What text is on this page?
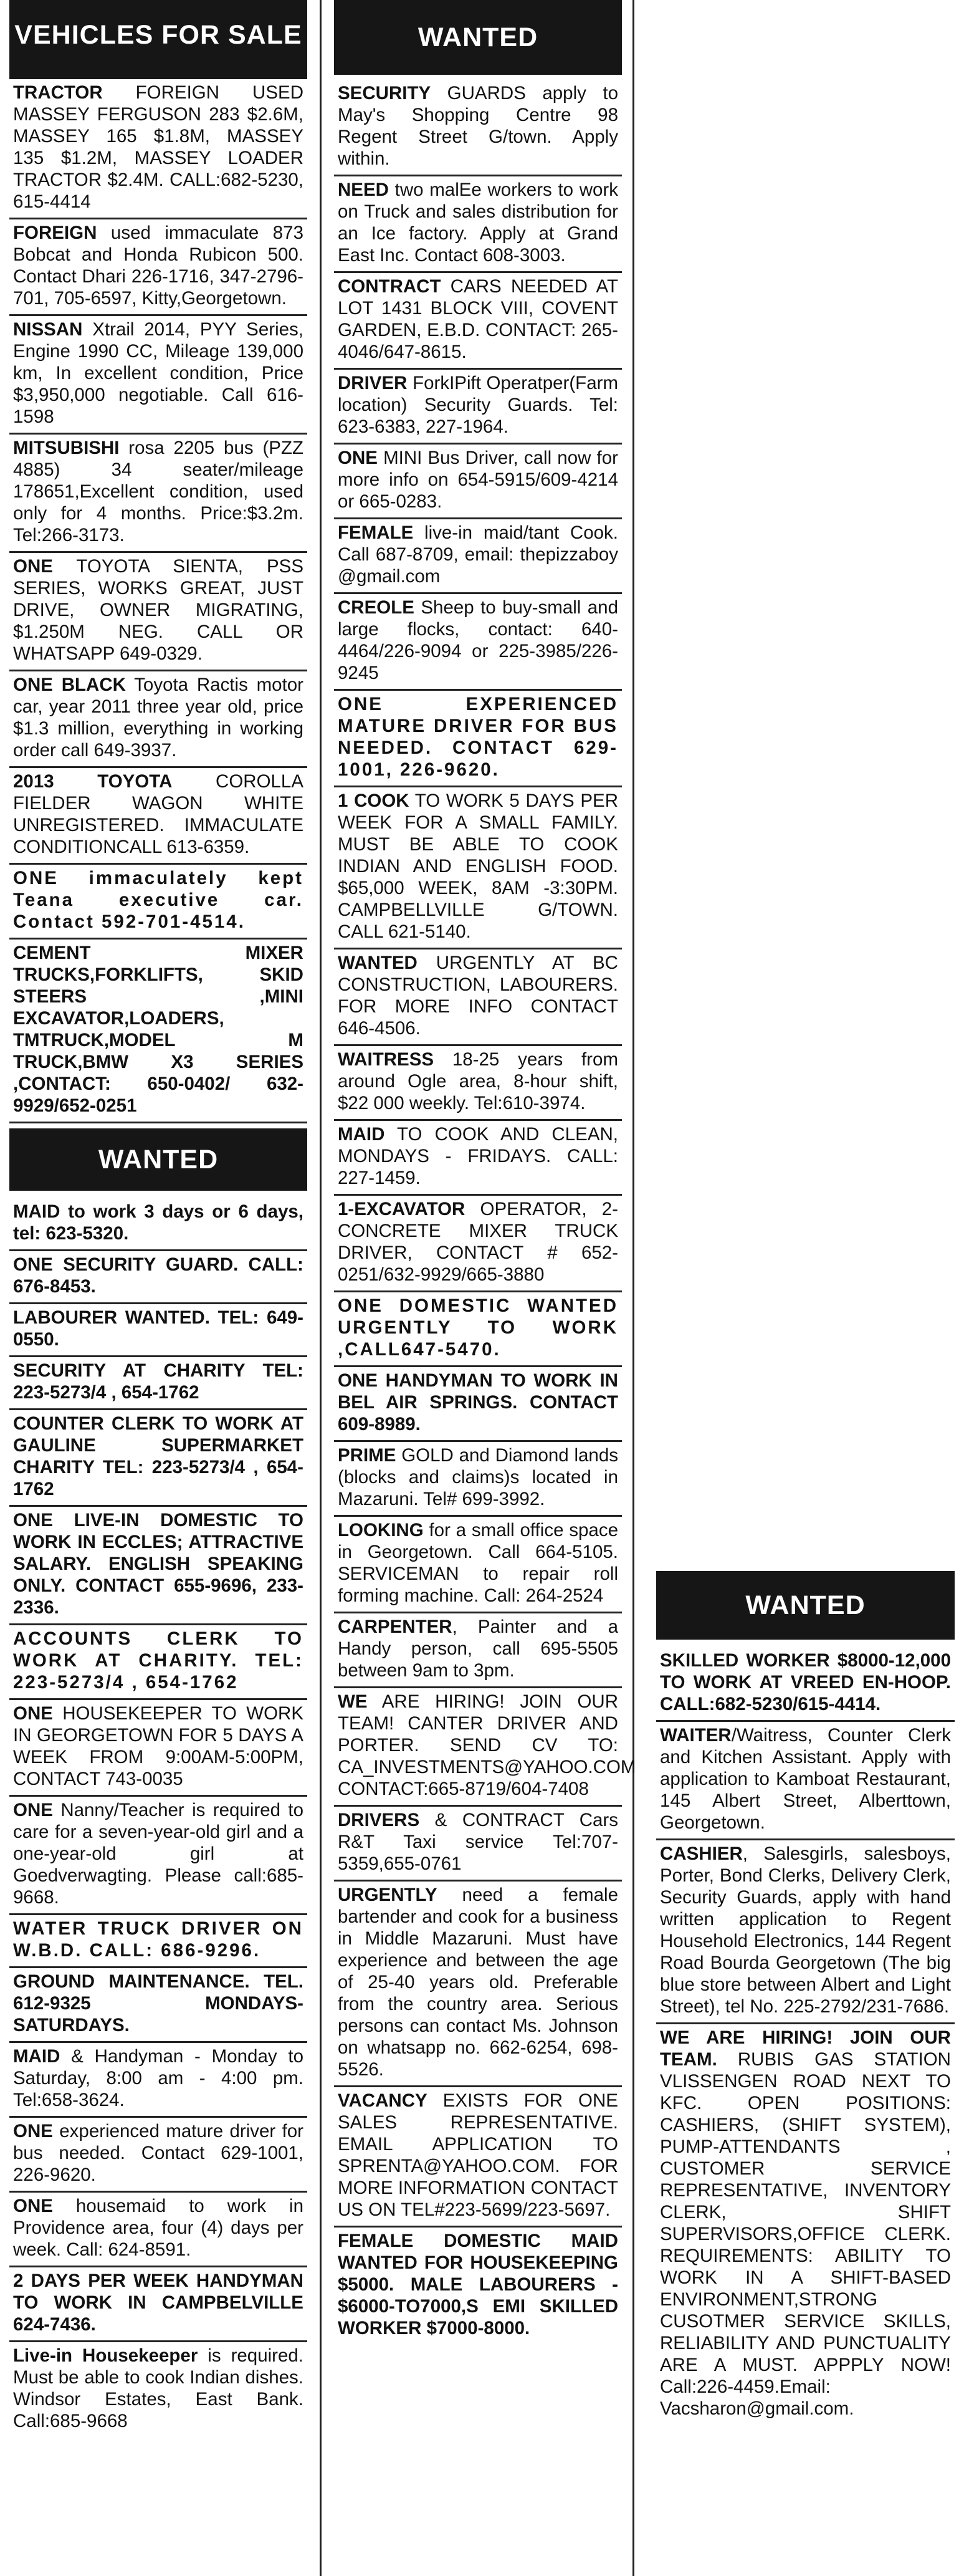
VEHICLES FOR SALE
TRACTOR FOREIGN USED MASSEY FERGUSON 283 $2.6M, MASSEY 165 $1.8M, MASSEY 135 $1.2M, MASSEY LOADER TRACTOR $2.4M. CALL:682-5230, 615-4414
FOREIGN used immaculate 873 Bobcat and Honda Rubicon 500. Contact Dhari 226-1716, 347-2796-701, 705-6597, Kitty,Georgetown.
NISSAN Xtrail 2014, PYY Series, Engine 1990 CC, Mileage 139,000 km, In excellent condition, Price $3,950,000 negotiable. Call 616-1598
MITSUBISHI rosa 2205 bus (PZZ 4885) 34 seater/mileage 178651,Excellent condition, used only for 4 months. Price:$3.2m. Tel:266-3173.
ONE TOYOTA SIENTA, PSS SERIES, WORKS GREAT, JUST DRIVE, OWNER MIGRATING, $1.250M NEG. CALL OR WHATSAPP 649-0329.
ONE BLACK Toyota Ractis motor car, year 2011 three year old, price $1.3 million, everything in working order call 649-3937.
2013 TOYOTA COROLLA FIELDER WAGON WHITE UNREGISTERED. IMMACULATE CONDITIONCALL 613-6359.
ONE immaculately kept Teana executive car. Contact 592-701-4514.
CEMENT MIXER TRUCKS,FORKLIFTS, SKID STEERS ,MINI EXCAVATOR,LOADERS, TMTRUCK,MODEL M TRUCK,BMW X3 SERIES ,CONTACT: 650-0402/ 632-9929/652-0251
WANTED
MAID to work 3 days or 6 days, tel: 623-5320.
ONE SECURITY GUARD. CALL: 676-8453.
LABOURER WANTED. TEL: 649-0550.
SECURITY AT CHARITY TEL: 223-5273/4 , 654-1762
COUNTER CLERK TO WORK AT GAULINE SUPERMARKET CHARITY TEL: 223-5273/4 , 654-1762
ONE LIVE-IN DOMESTIC TO WORK IN ECCLES; ATTRACTIVE SALARY. ENGLISH SPEAKING ONLY. CONTACT 655-9696, 233-2336.
ACCOUNTS CLERK TO WORK AT CHARITY. TEL: 223-5273/4 , 654-1762
ONE HOUSEKEEPER TO WORK IN GEORGETOWN FOR 5 DAYS A WEEK FROM 9:00AM-5:00PM, CONTACT 743-0035
ONE Nanny/Teacher is required to care for a seven-year-old girl and a one-year-old girl at Goedverwagting. Please call:685-9668.
WATER TRUCK DRIVER ON W.B.D. CALL: 686-9296.
GROUND MAINTENANCE. TEL. 612-9325 MONDAYS-SATURDAYS.
MAID & Handyman - Monday to Saturday, 8:00 am - 4:00 pm. Tel:658-3624.
ONE experienced mature driver for bus needed. Contact 629-1001, 226-9620.
ONE housemaid to work in Providence area, four (4) days per week. Call: 624-8591.
2 DAYS PER WEEK HANDYMAN TO WORK IN CAMPBELVILLE 624-7436.
Live-in Housekeeper is required. Must be able to cook Indian dishes. Windsor Estates, East Bank. Call:685-9668
WANTED
SECURITY GUARDS apply to May's Shopping Centre 98 Regent Street G/town. Apply within.
NEED two malEe workers to work on Truck and sales distribution for an Ice factory. Apply at Grand East Inc. Contact 608-3003.
CONTRACT CARS NEEDED AT LOT 1431 BLOCK VIII, COVENT GARDEN, E.B.D. CONTACT: 265-4046/647-8615.
DRIVER ForkIPift Operatper(Farm location) Security Guards. Tel: 623-6383, 227-1964.
ONE MINI Bus Driver, call now for more info on 654-5915/609-4214 or 665-0283.
FEMALE live-in maid/tant Cook. Call 687-8709, email: thepizzaboy @gmail.com
CREOLE Sheep to buy-small and large flocks, contact: 640-4464/226-9094 or 225-3985/226-9245
ONE EXPERIENCED MATURE DRIVER FOR BUS NEEDED. CONTACT 629-1001, 226-9620.
1 COOK TO WORK 5 DAYS PER WEEK FOR A SMALL FAMILY. MUST BE ABLE TO COOK INDIAN AND ENGLISH FOOD. $65,000 WEEK, 8AM -3:30PM. CAMPBELLVILLE G/TOWN. CALL 621-5140.
WANTED URGENTLY AT BC CONSTRUCTION, LABOURERS. FOR MORE INFO CONTACT 646-4506.
WAITRESS 18-25 years from around Ogle area, 8-hour shift, $22 000 weekly. Tel:610-3974.
MAID TO COOK AND CLEAN, MONDAYS - FRIDAYS. CALL: 227-1459.
1-EXCAVATOR OPERATOR, 2- CONCRETE MIXER TRUCK DRIVER, CONTACT # 652-0251/632-9929/665-3880
ONE DOMESTIC WANTED URGENTLY TO WORK ,CALL647-5470.
ONE HANDYMAN TO WORK IN BEL AIR SPRINGS. CONTACT 609-8989.
PRIME GOLD and Diamond lands (blocks and claims)s located in Mazaruni. Tel# 699-3992.
LOOKING for a small office space in Georgetown. Call 664-5105. SERVICEMAN to repair roll forming machine. Call: 264-2524
CARPENTER, Painter and a Handy person, call 695-5505 between 9am to 3pm.
WE ARE HIRING! JOIN OUR TEAM! CANTER DRIVER AND PORTER. SEND CV TO: CA_INVESTMENTS@YAHOO.COM CONTACT:665-8719/604-7408
DRIVERS & CONTRACT Cars R&T Taxi service Tel:707-5359,655-0761
URGENTLY need a female bartender and cook for a business in Middle Mazaruni. Must have experience and between the age of 25-40 years old. Preferable from the country area. Serious persons can contact Ms. Johnson on whatsapp no. 662-6254, 698-5526.
VACANCY EXISTS FOR ONE SALES REPRESENTATIVE. EMAIL APPLICATION TO SPRENTA@YAHOO.COM. FOR MORE INFORMATION CONTACT US ON TEL#223-5699/223-5697.
FEMALE DOMESTIC MAID WANTED FOR HOUSEKEEPING $5000. MALE LABOURERS - $6000-TO7000,S EMI SKILLED WORKER $7000-8000.
WANTED
SKILLED WORKER $8000-12,000 TO WORK AT VREED EN-HOOP. CALL:682-5230/615-4414.
WAITER/Waitress, Counter Clerk and Kitchen Assistant. Apply with application to Kamboat Restaurant, 145 Albert Street, Alberttown, Georgetown.
CASHIER, Salesgirls, salesboys, Porter, Bond Clerks, Delivery Clerk, Security Guards, apply with hand written application to Regent Household Electronics, 144 Regent Road Bourda Georgetown (The big blue store between Albert and Light Street), tel No. 225-2792/231-7686.
WE ARE HIRING! JOIN OUR TEAM. RUBIS GAS STATION VLISSENGEN ROAD NEXT TO KFC. OPEN POSITIONS: CASHIERS, (SHIFT SYSTEM), PUMP-ATTENDANTS , CUSTOMER SERVICE REPRESENTATIVE, INVENTORY CLERK, SHIFT SUPERVISORS,OFFICE CLERK. REQUIREMENTS: ABILITY TO WORK IN A SHIFT-BASED ENVIRONMENT,STRONG CUSOTMER SERVICE SKILLS, RELIABILITY AND PUNCTUALITY ARE A MUST. APPPLY NOW! Call:226-4459.Email: Vacsharon@gmail.com.
